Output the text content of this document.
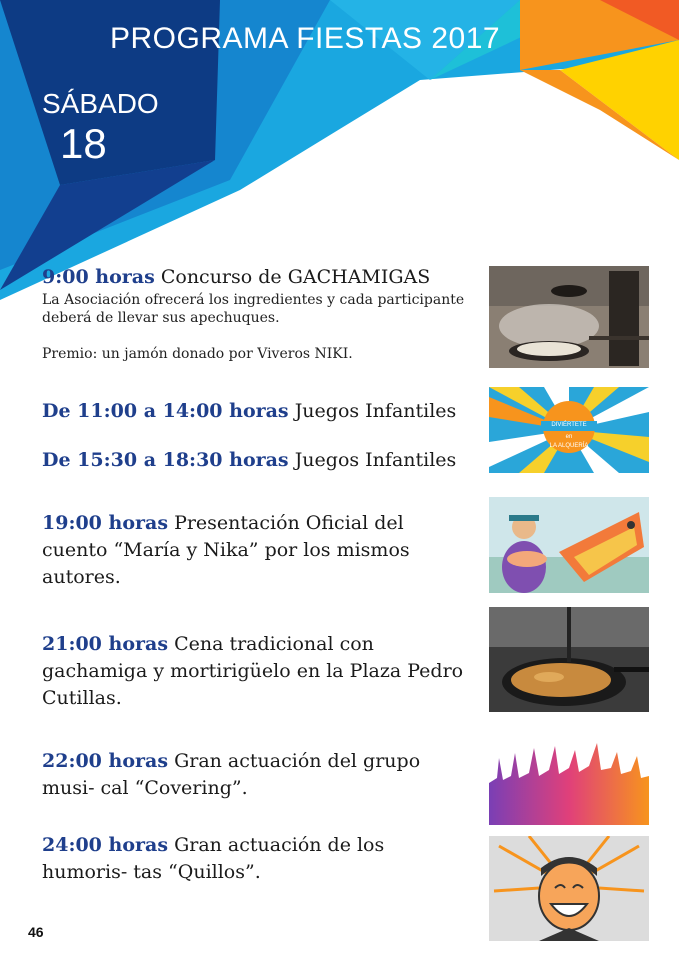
PROGRAMA FIESTAS 2017
SÁBADO
18
9:00 horas Concurso de GACHAMIGAS
La Asociación ofrecerá los ingredientes y cada participante deberá de llevar sus apechuques.
Premio: un jamón donado por Viveros NIKI.
De 11:00 a 14:00 horas Juegos Infantiles
De 15:30 a 18:30 horas Juegos Infantiles
19:00 horas Presentación Oficial del cuento “María y Nika” por los mismos autores.
21:00 horas Cena tradicional con gachamiga y mortirigüelo en la Plaza Pedro Cutillas.
22:00 horas Gran actuación del grupo musi- cal “Covering”.
24:00 horas Gran actuación de los humoris- tas “Quillos”.
DIVIÉRTETE
en
LA ALQUERÍA
46
